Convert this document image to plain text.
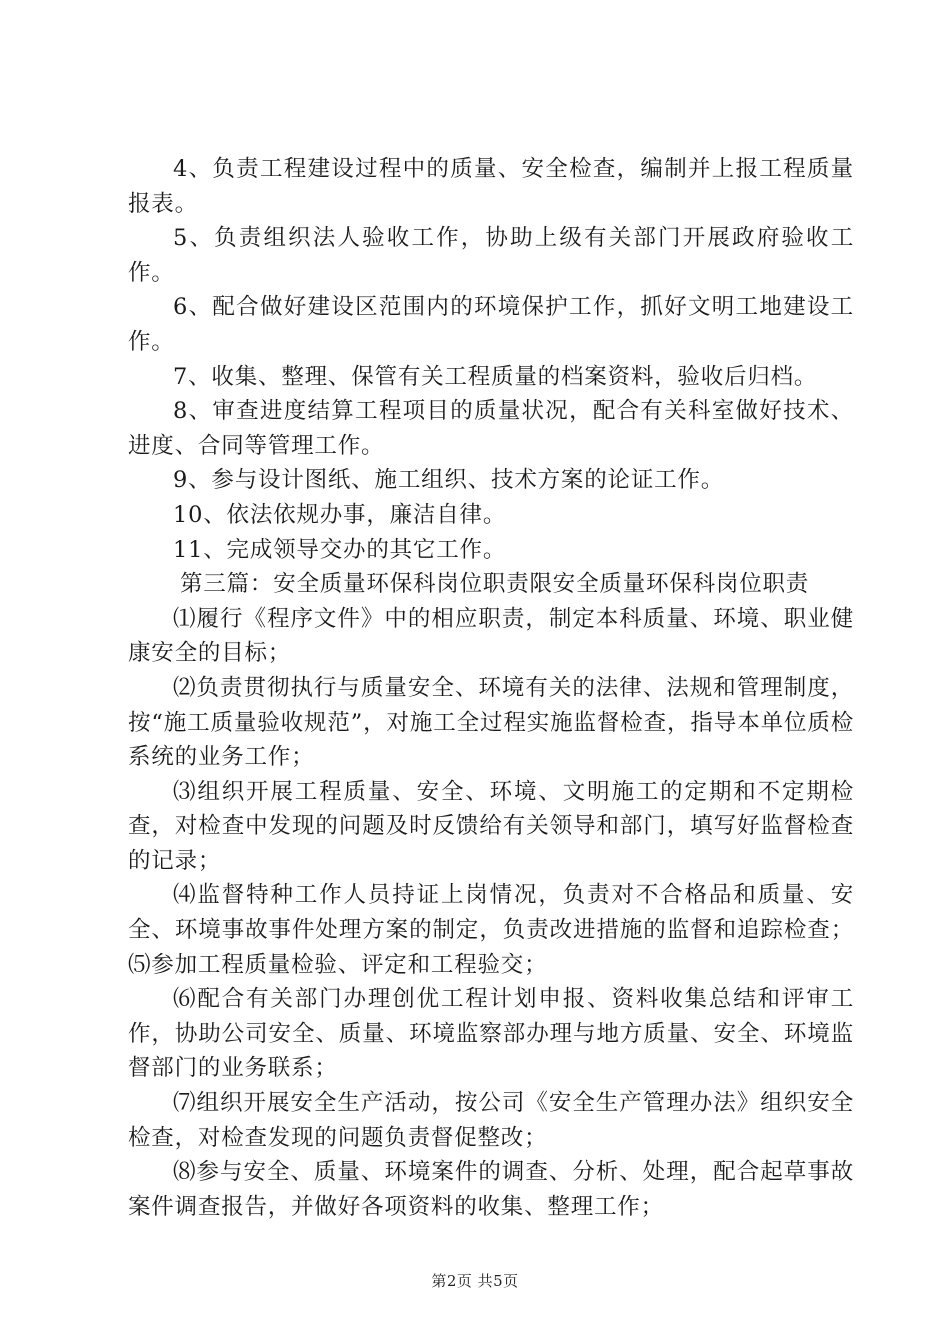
4、负责工程建设过程中的质量、安全检查，编制并上报工程质量报表。

5、负责组织法人验收工作，协助上级有关部门开展政府验收工作。

6、配合做好建设区范围内的环境保护工作，抓好文明工地建设工作。

7、收集、整理、保管有关工程质量的档案资料，验收后归档。

8、审查进度结算工程项目的质量状况，配合有关科室做好技术、进度、合同等管理工作。

9、参与设计图纸、施工组织、技术方案的论证工作。

10、依法依规办事，廉洁自律。

11、完成领导交办的其它工作。

第三篇：安全质量环保科岗位职责限安全质量环保科岗位职责

⑴履行《程序文件》中的相应职责，制定本科质量、环境、职业健康安全的目标；

⑵负责贯彻执行与质量安全、环境有关的法律、法规和管理制度，按“施工质量验收规范”，对施工全过程实施监督检查，指导本单位质检系统的业务工作；

⑶组织开展工程质量、安全、环境、文明施工的定期和不定期检查，对检查中发现的问题及时反馈给有关领导和部门，填写好监督检查的记录；

⑷监督特种工作人员持证上岗情况，负责对不合格品和质量、安全、环境事故事件处理方案的制定，负责改进措施的监督和追踪检查；⑸参加工程质量检验、评定和工程验交；

⑹配合有关部门办理创优工程计划申报、资料收集总结和评审工作，协助公司安全、质量、环境监察部办理与地方质量、安全、环境监督部门的业务联系；

⑺组织开展安全生产活动，按公司《安全生产管理办法》组织安全检查，对检查发现的问题负责督促整改；

⑻参与安全、质量、环境案件的调查、分析、处理，配合起草事故案件调查报告，并做好各项资料的收集、整理工作；

第2页 共5页
